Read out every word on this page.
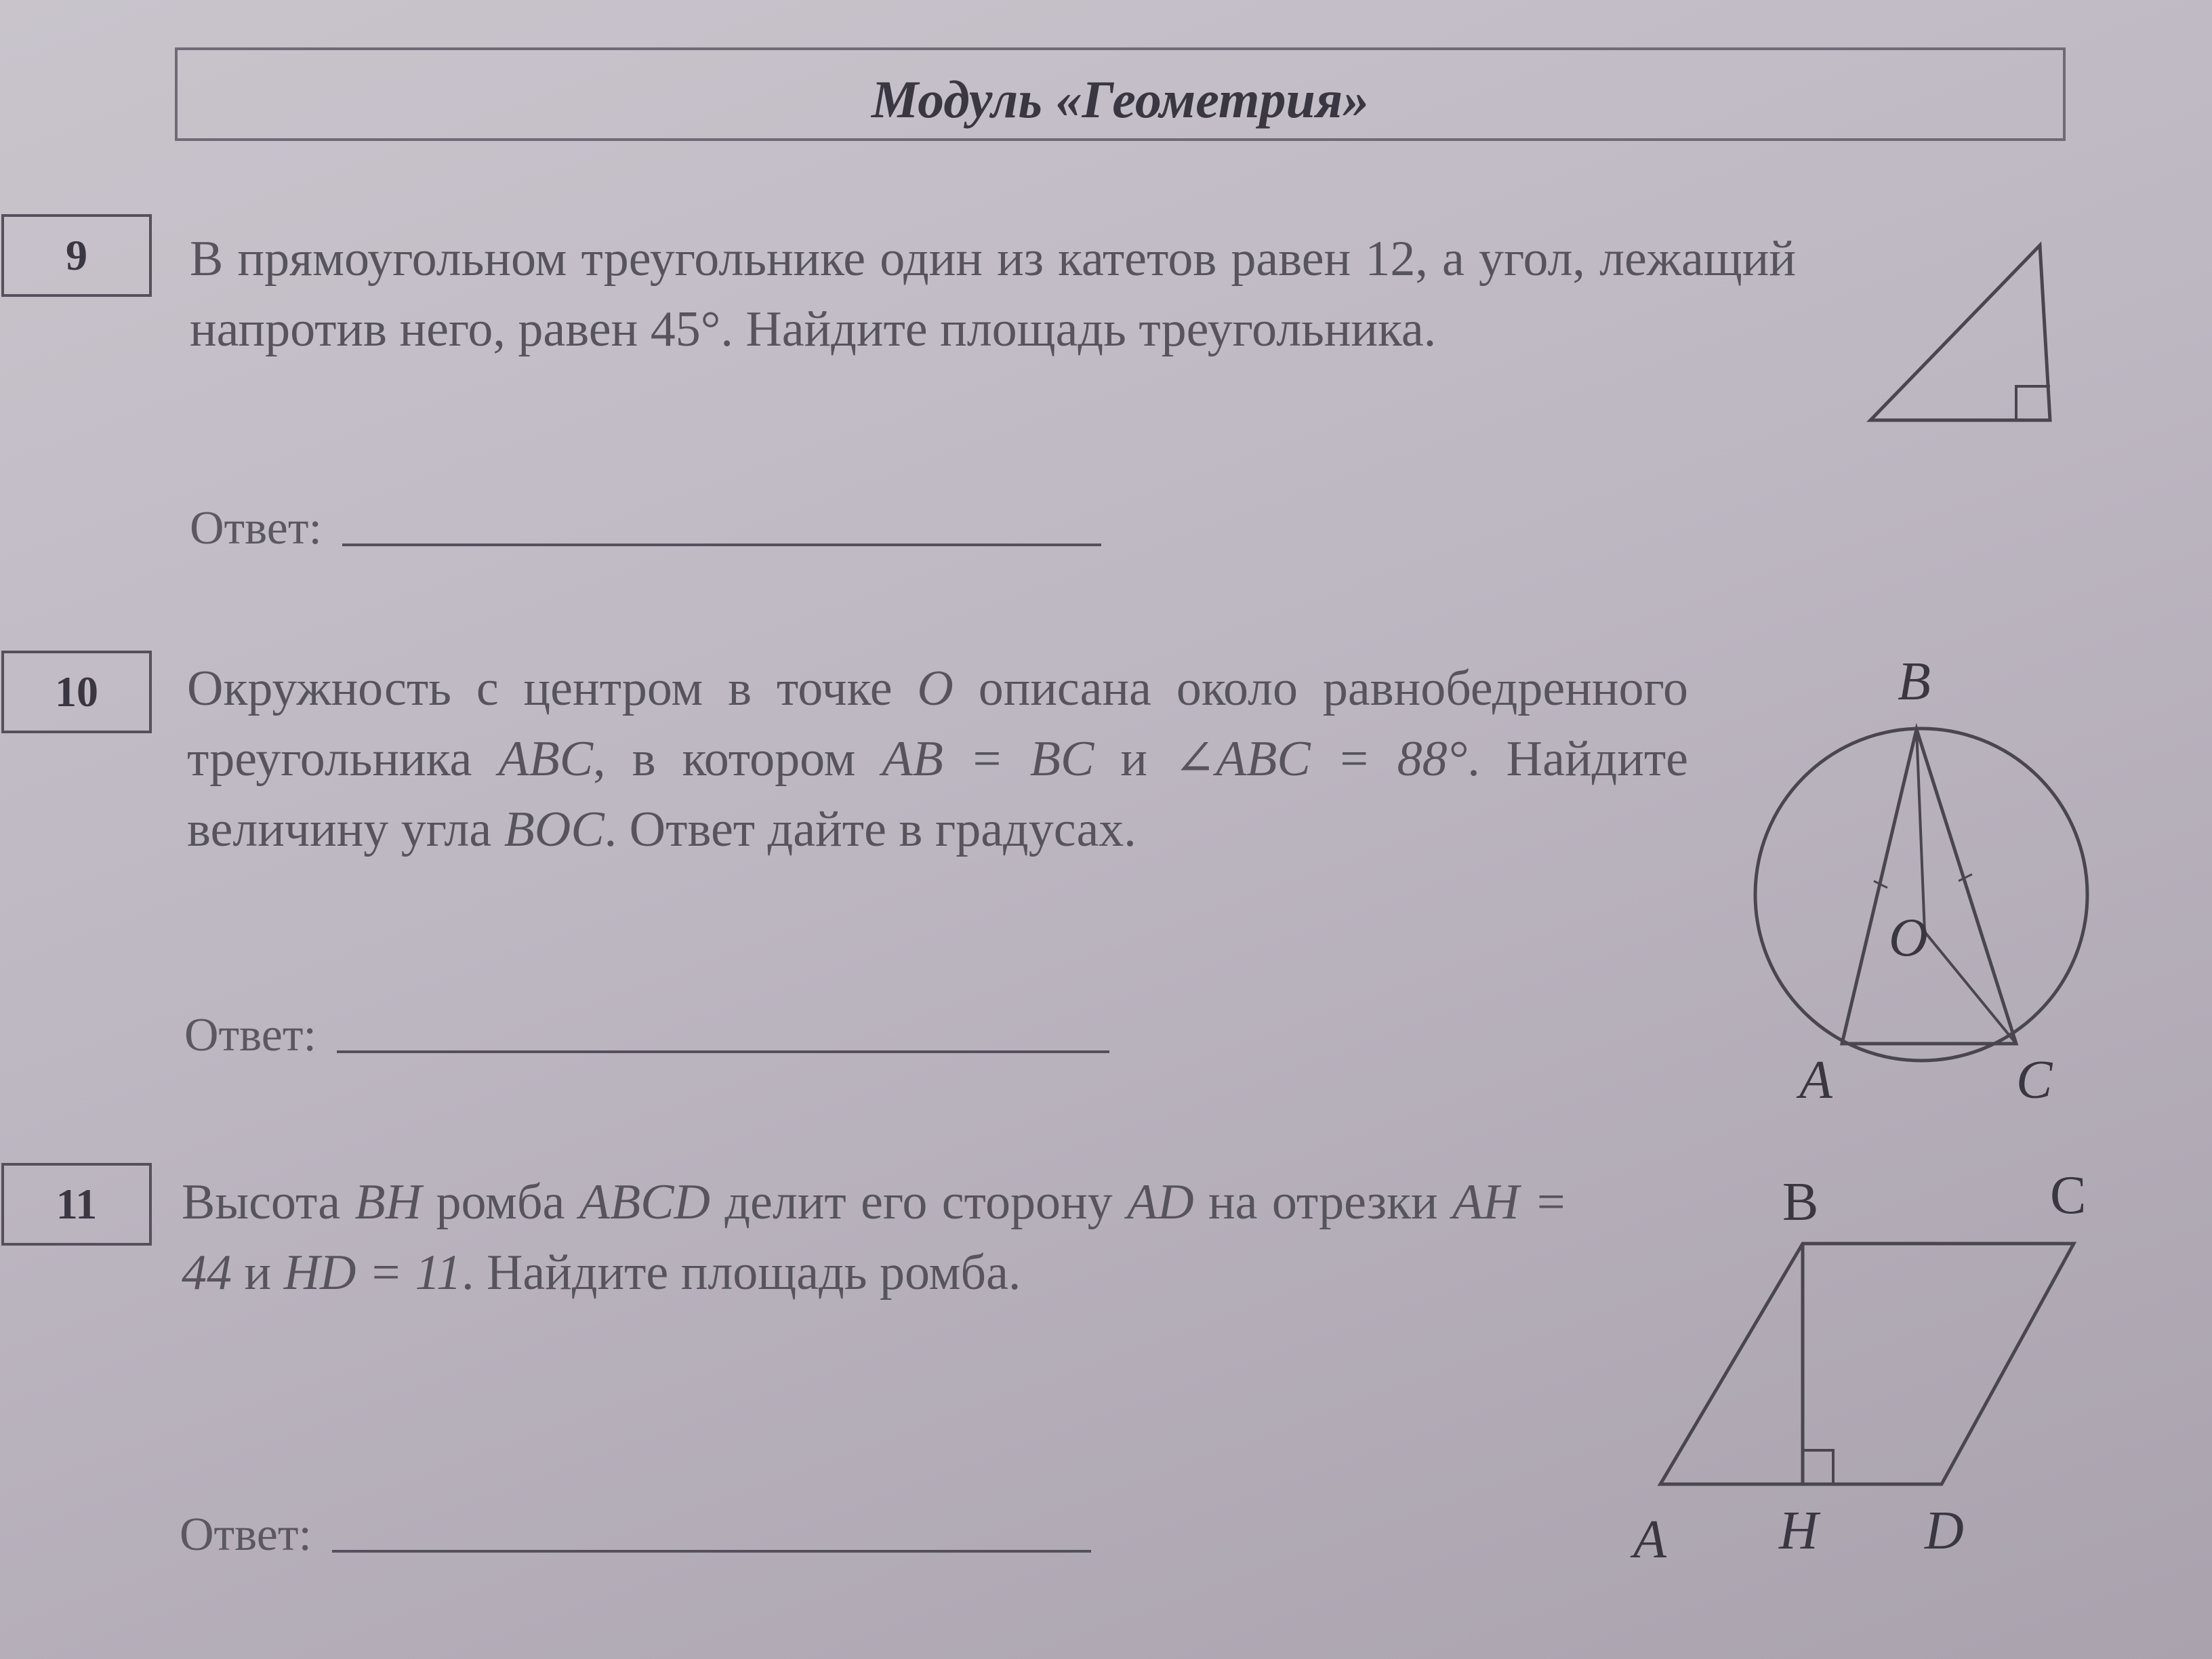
Модуль «Геометрия»
9	В прямоугольном треугольнике один из катетов равен 12, а угол, лежащий напротив него, равен 45°. Найдите площадь треугольника.
Ответ:
10	Окружность с центром в точке O описана около равнобедренного треугольника ABC, в котором AB = BC и ∠ABC = 88°. Найдите величину угла BOC. Ответ дайте в градусах.
B
O
A	C
Ответ:
11	Высота BH ромба ABCD делит его сторону AD на отрезки AH = 44 и HD = 11. Найдите площадь ромба.
B	C
A H D
Ответ:
